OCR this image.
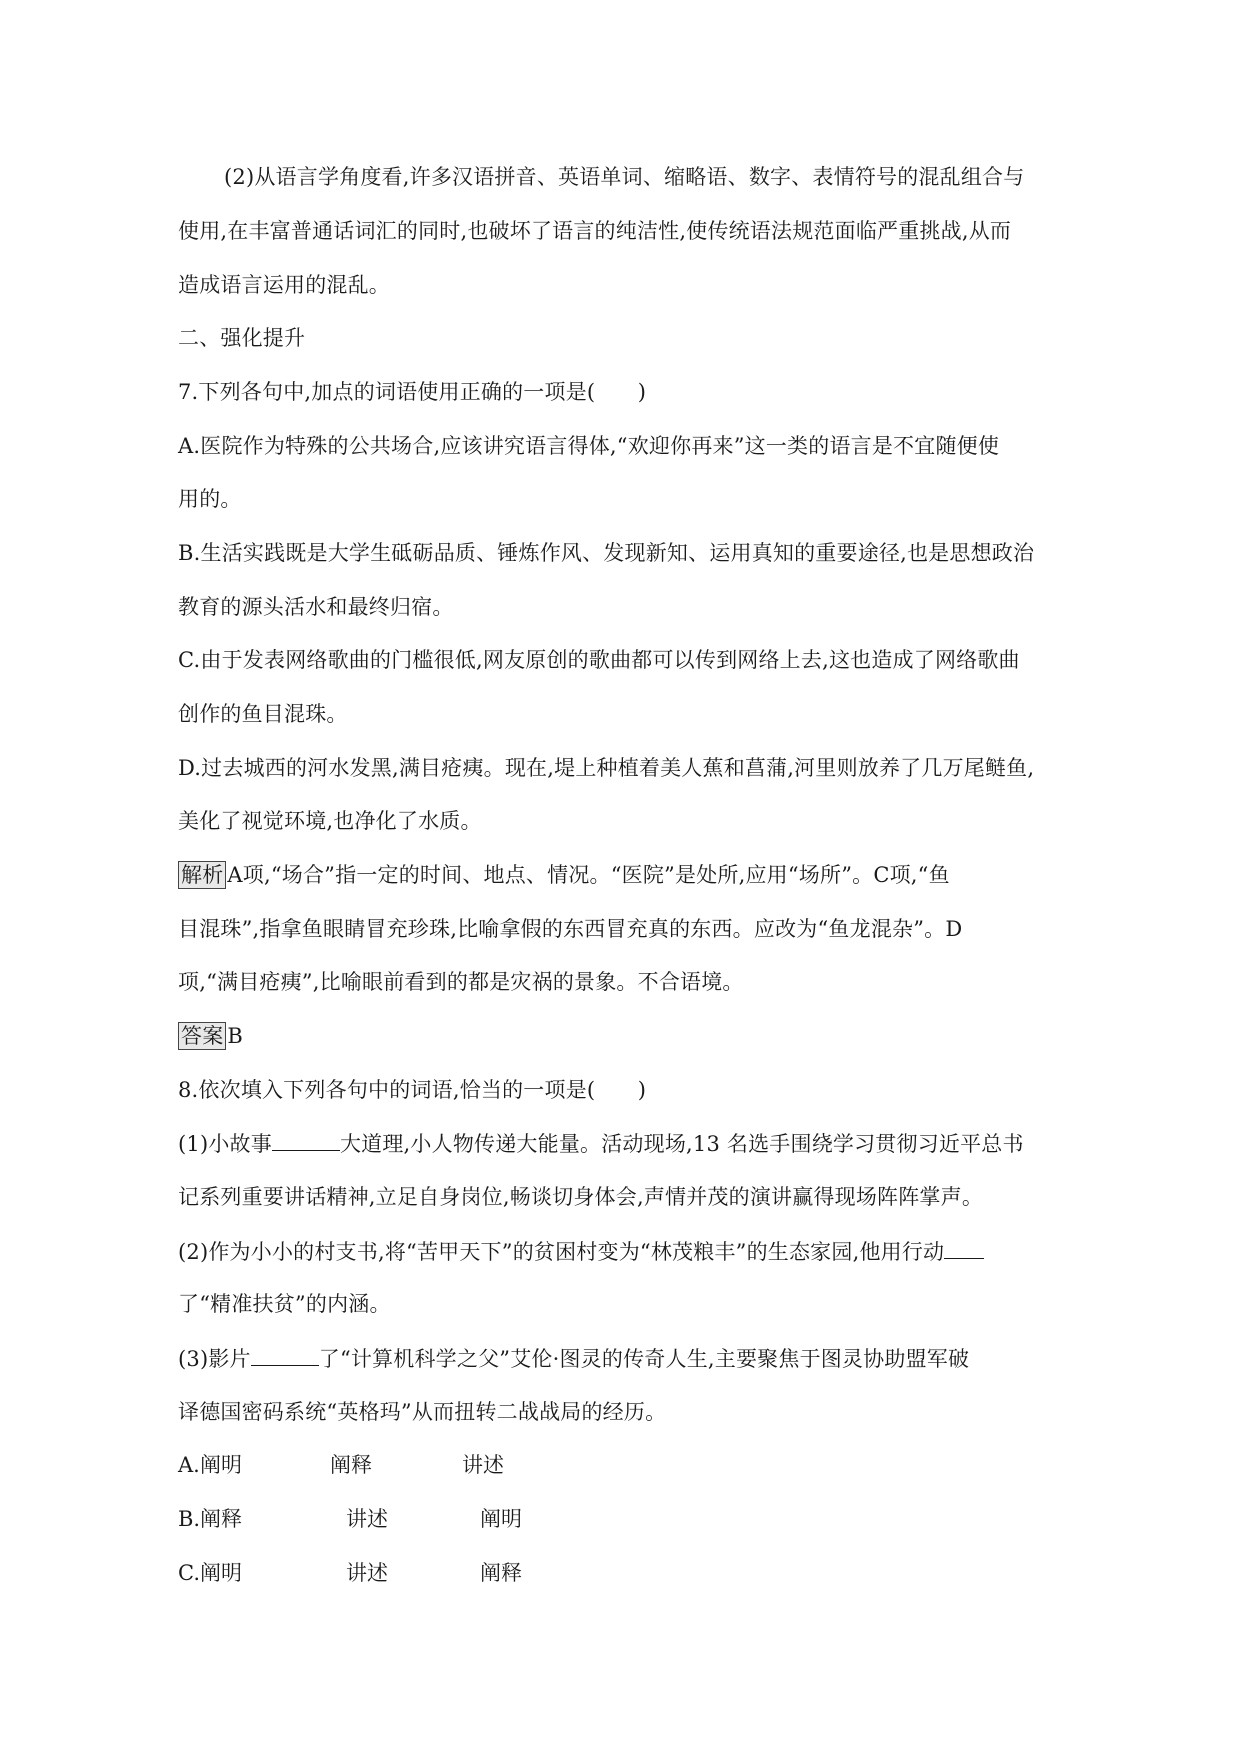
(2)从语言学角度看,许多汉语拼音、英语单词、缩略语、数字、表情符号的混乱组合与
使用,在丰富普通话词汇的同时,也破坏了语言的纯洁性,使传统语法规范面临严重挑战,从而
造成语言运用的混乱。
二、强化提升
7.下列各句中,加点的词语使用正确的一项是(　　)
A.医院作为特殊的公共场合,应该讲究语言得体,“欢迎你再来”这一类的语言是不宜随便使
用的。
B.生活实践既是大学生砥砺品质、锤炼作风、发现新知、运用真知的重要途径,也是思想政治
教育的源头活水和最终归宿。
C.由于发表网络歌曲的门槛很低,网友原创的歌曲都可以传到网络上去,这也造成了网络歌曲
创作的鱼目混珠。
D.过去城西的河水发黑,满目疮痍。现在,堤上种植着美人蕉和菖蒲,河里则放养了几万尾鲢鱼,
美化了视觉环境,也净化了水质。
解析 A项,“场合”指一定的时间、地点、情况。“医院”是处所,应用“场所”。C项,“鱼
目混珠”,指拿鱼眼睛冒充珍珠,比喻拿假的东西冒充真的东西。应改为“鱼龙混杂”。D
项,“满目疮痍”,比喻眼前看到的都是灾祸的景象。不合语境。
答案 B
8.依次填入下列各句中的词语,恰当的一项是(　　)
(1)小故事	大道理,小人物传递大能量。活动现场,13 名选手围绕学习贯彻习近平总书
记系列重要讲话精神,立足自身岗位,畅谈切身体会,声情并茂的演讲赢得现场阵阵掌声。
(2)作为小小的村支书,将“苦甲天下”的贫困村变为“林茂粮丰”的生态家园,他用行动
了“精准扶贫”的内涵。
(3)影片	了“计算机科学之父”艾伦·图灵的传奇人生,主要聚焦于图灵协助盟军破
译德国密码系统“英格玛”从而扭转二战战局的经历。
A. 阐明	阐释	讲述
B. 阐释	讲述	阐明
C. 阐明	讲述	阐释
